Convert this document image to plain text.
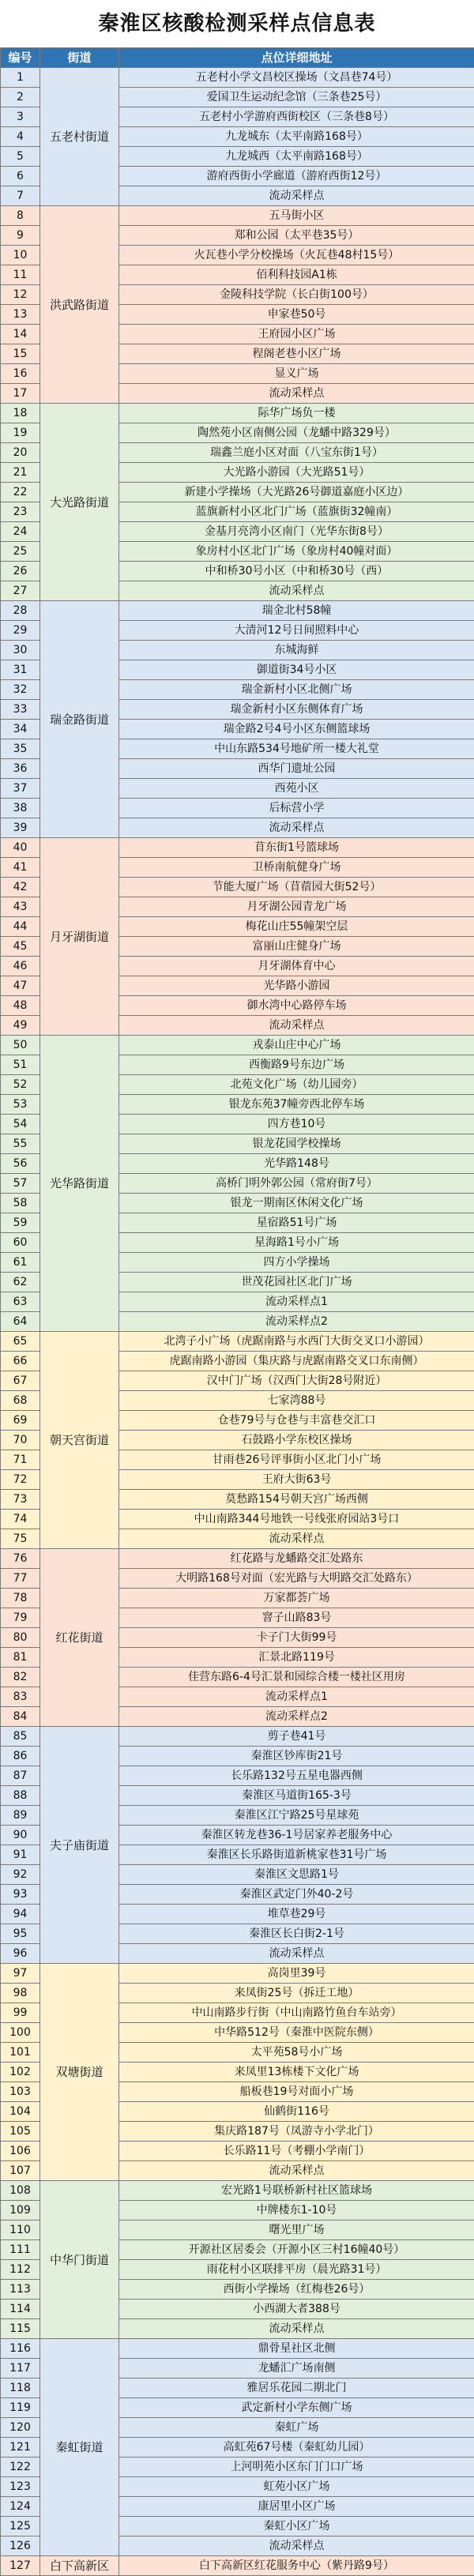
秦淮区核酸检测采样点信息表
编号	街道	点位详细地址
1	五老村街道	五老村小学文昌校区操场（文昌巷74号）
2		爱国卫生运动纪念馆（三条巷25号）
3		五老村小学游府西街校区（三条巷8号）
4		九龙城东（太平南路168号）
5		九龙城西（太平南路168号）
6		游府西街小学廊道（游府西街12号）
7		流动采样点
8	洪武路街道	五马街小区
9		郑和公园（太平巷35号）
10		火瓦巷小学分校操场（火瓦巷48村15号）
11		佰利科技园A1栋
12		金陵科技学院（长白街100号）
13		申家巷50号
14		王府园小区广场
15		程阁老巷小区广场
16		显义广场
17		流动采样点
18	大光路街道	际华广场负一楼
19		陶然苑小区南侧公园（龙蟠中路329号）
20		瑞鑫兰庭小区对面（八宝东街1号）
21		大光路小游园（大光路51号）
22		新建小学操场（大光路26号御道嘉庭小区边）
23		蓝旗新村小区北门广场（蓝旗街32幢南）
24		金基月亮湾小区南门（光华东街8号）
25		象房村小区北门广场（象房村40幢对面）
26		中和桥30号小区（中和桥30号（西）
27		流动采样点
28	瑞金路街道	瑞金北村58幢
29		大清河12号日间照料中心
30		东城海鲜
31		御道街34号小区
32		瑞金新村小区北侧广场
33		瑞金新村小区东侧体育广场
34		瑞金路2号4号小区东侧篮球场
35		中山东路534号地矿所一楼大礼堂
36		西华门遗址公园
37		西苑小区
38		后标营小学
39		流动采样点
40	月牙湖街道	苜东街1号篮球场
41		卫桥南航健身广场
42		节能大厦广场（苜蓿园大街52号）
43		月牙湖公园青龙广场
44		梅花山庄55幢架空层
45		富丽山庄健身广场
46		月牙湖体育中心
47		光华路小游园
48		御水湾中心路停车场
49		流动采样点
50	光华路街道	戎泰山庄中心广场
51		西衡路9号东边广场
52		北苑文化广场（幼儿园旁）
53		银龙东苑37幢旁西北停车场
54		四方巷10号
55		银龙花园学校操场
56		光华路148号
57		高桥门明外郭公园（常府街7号）
58		银龙一期南区休闲文化广场
59		星宿路51号广场
60		星海路1号小广场
61		四方小学操场
62		世茂花园社区北门广场
63		流动采样点1
64		流动采样点2
65	朝天宫街道	北湾子小广场（虎踞南路与水西门大街交叉口小游园）
66		虎踞南路小游园（集庆路与虎踞南路交叉口东南侧）
67		汉中门广场（汉西门大街28号附近）
68		七家湾88号
69		仓巷79号与仓巷与丰富巷交汇口
70		石鼓路小学东校区操场
71		甘雨巷26号评事街小区北门小广场
72		王府大街63号
73		莫愁路154号朝天宫广场西侧
74		中山南路344号地铁一号线张府园站3号口
75		流动采样点
76	红花街道	红花路与龙蟠路交汇处路东
77		大明路168号对面（宏光路与大明路交汇处路东）
78		万家都荟广场
79		窨子山路83号
80		卡子门大街99号
81		汇景北路119号
82		佳营东路6-4号汇景和园综合楼一楼社区用房
83		流动采样点1
84		流动采样点2
85	夫子庙街道	剪子巷41号
86		秦淮区钞库街21号
87		长乐路132号五星电器西侧
88		秦淮区马道街165-3号
89		秦淮区江宁路25号星球苑
90		秦淮区转龙巷36-1号居家养老服务中心
91		秦淮区长乐路街道新桃家巷31号广场
92		秦淮区文思路1号
93		秦淮区武定门外40-2号
94		堆草巷29号
95		秦淮区长白街2-1号
96		流动采样点
97	双塘街道	高岗里39号
98		来凤街25号（拆迁工地）
99		中山南路步行街（中山南路竹鱼台车站旁）
100		中华路512号（秦淮中医院东侧）
101		太平苑58号小广场
102		来凤里13栋楼下文化广场
103		船板巷19号对面小广场
104		仙鹤街116号
105		集庆路187号（凤游寺小学北门）
106		长乐路11号（考棚小学南门）
107		流动采样点
108	中华门街道	宏光路1号联桥新村社区篮球场
109		中牌楼东1-10号
110		曙光里广场
111		开源社区居委会（开源小区三村16幢40号）
112		雨花村小区联排平房（晨光路31号）
113		西街小学操场（红梅巷26号）
114		小西湖大者388号
115		流动采样点
116	秦虹街道	鼎骨星社区北侧
117		龙蟠汇广场南侧
118		雅居乐花园二期北门
119		武定新村小学东侧广场
120		秦虹广场
121		高虹苑67号楼（秦虹幼儿园）
122		上河明苑小区东门门口广场
123		虹苑小区广场
124		康居里小区广场
125		秦虹小区广场
126		流动采样点
127	白下高新区	白下高新区红花服务中心（紫丹路9号）
